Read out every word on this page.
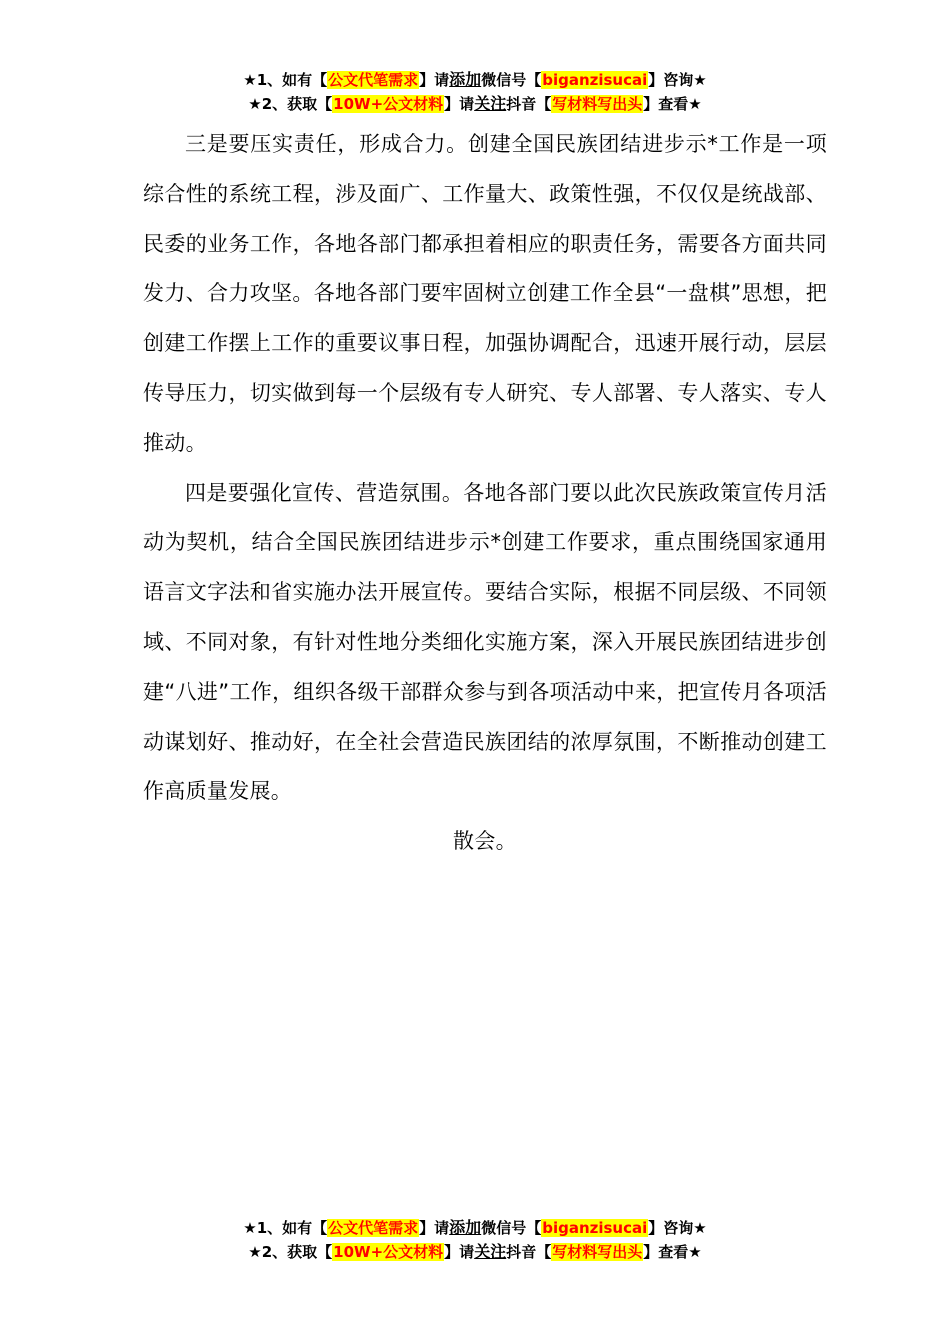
★1、如有【公文代笔需求】请添加微信号【biganzisucai】咨询★
★2、获取【10W+公文材料】请关注抖音【写材料写出头】查看★

三是要压实责任，形成合力。创建全国民族团结进步示*工作是一项综合性的系统工程，涉及面广、工作量大、政策性强，不仅仅是统战部、民委的业务工作，各地各部门都承担着相应的职责任务，需要各方面共同发力、合力攻坚。各地各部门要牢固树立创建工作全县“一盘棋”思想，把创建工作摆上工作的重要议事日程，加强协调配合，迅速开展行动，层层传导压力，切实做到每一个层级有专人研究、专人部署、专人落实、专人推动。

四是要强化宣传、营造氛围。各地各部门要以此次民族政策宣传月活动为契机，结合全国民族团结进步示*创建工作要求，重点围绕国家通用语言文字法和省实施办法开展宣传。要结合实际，根据不同层级、不同领域、不同对象，有针对性地分类细化实施方案，深入开展民族团结进步创建“八进”工作，组织各级干部群众参与到各项活动中来，把宣传月各项活动谋划好、推动好，在全社会营造民族团结的浓厚氛围，不断推动创建工作高质量发展。

散会。

★1、如有【公文代笔需求】请添加微信号【biganzisucai】咨询★
★2、获取【10W+公文材料】请关注抖音【写材料写出头】查看★
